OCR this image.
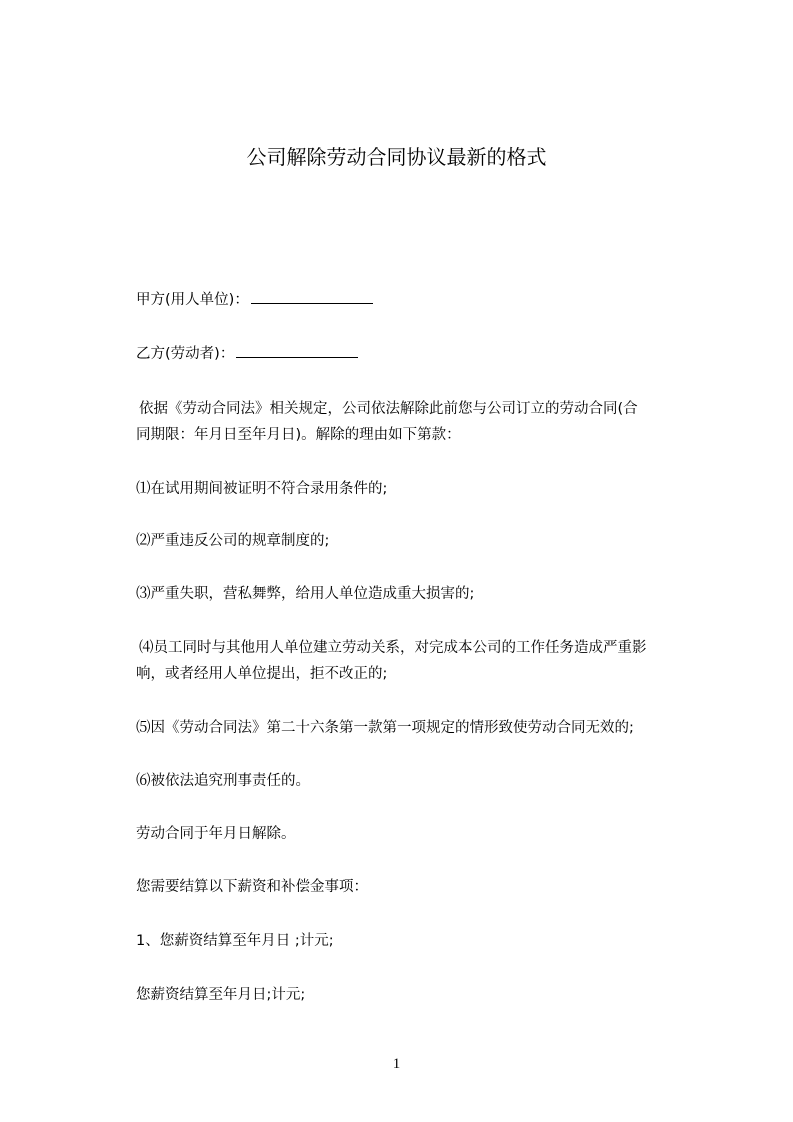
公司解除劳动合同协议最新的格式

甲方(用人单位)：

乙方(劳动者)：

依据《劳动合同法》相关规定，公司依法解除此前您与公司订立的劳动合同(合

同期限：年月日至年月日)。解除的理由如下第款：

⑴在试用期间被证明不符合录用条件的;

⑵严重违反公司的规章制度的;

⑶严重失职，营私舞弊，给用人单位造成重大损害的;

⑷员工同时与其他用人单位建立劳动关系，对完成本公司的工作任务造成严重影

响，或者经用人单位提出，拒不改正的;

⑸因《劳动合同法》第二十六条第一款第一项规定的情形致使劳动合同无效的;

⑹被依法追究刑事责任的。

劳动合同于年月日解除。

您需要结算以下薪资和补偿金事项：

1、您薪资结算至年月日 ;计元;

您薪资结算至年月日;计元;

1
